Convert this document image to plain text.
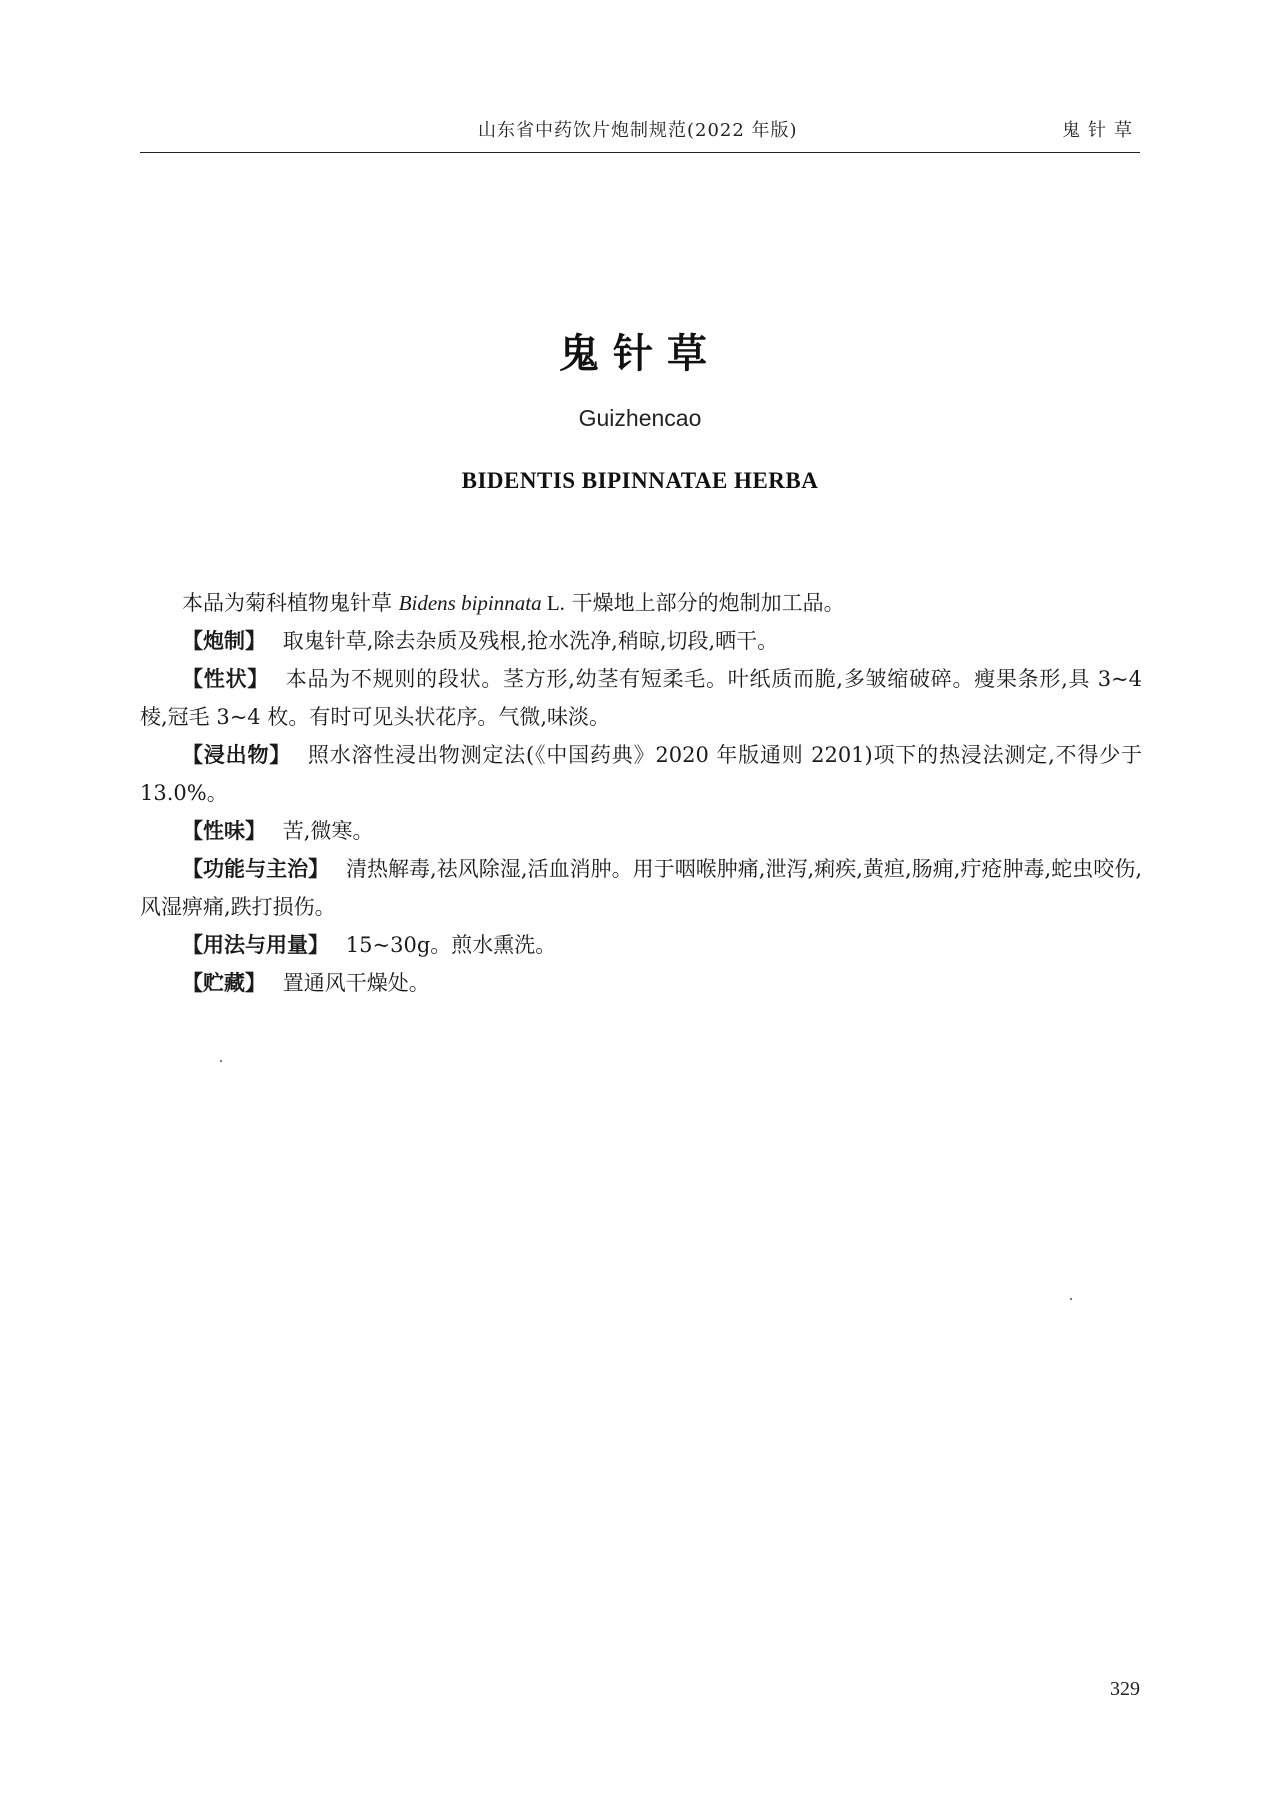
山东省中药饮片炮制规范(2022 年版)	鬼针草
鬼针草
Guizhencao
BIDENTIS BIPINNATAE HERBA

本品为菊科植物鬼针草 Bidens bipinnata L. 干燥地上部分的炮制加工品。

【炮制】 取鬼针草,除去杂质及残根,抢水洗净,稍晾,切段,晒干。

【性状】 本品为不规则的段状。茎方形,幼茎有短柔毛。叶纸质而脆,多皱缩破碎。瘦果条形,具 3~4 棱,冠毛 3~4 枚。有时可见头状花序。气微,味淡。

【浸出物】 照水溶性浸出物测定法(《中国药典》2020 年版通则 2201)项下的热浸法测定,不得少于 13.0%。

【性味】 苦,微寒。

【功能与主治】 清热解毒,祛风除湿,活血消肿。用于咽喉肿痛,泄泻,痢疾,黄疸,肠痈,疔疮肿毒,蛇虫咬伤,风湿痹痛,跌打损伤。

【用法与用量】 15~30g。煎水熏洗。

【贮藏】 置通风干燥处。

329
